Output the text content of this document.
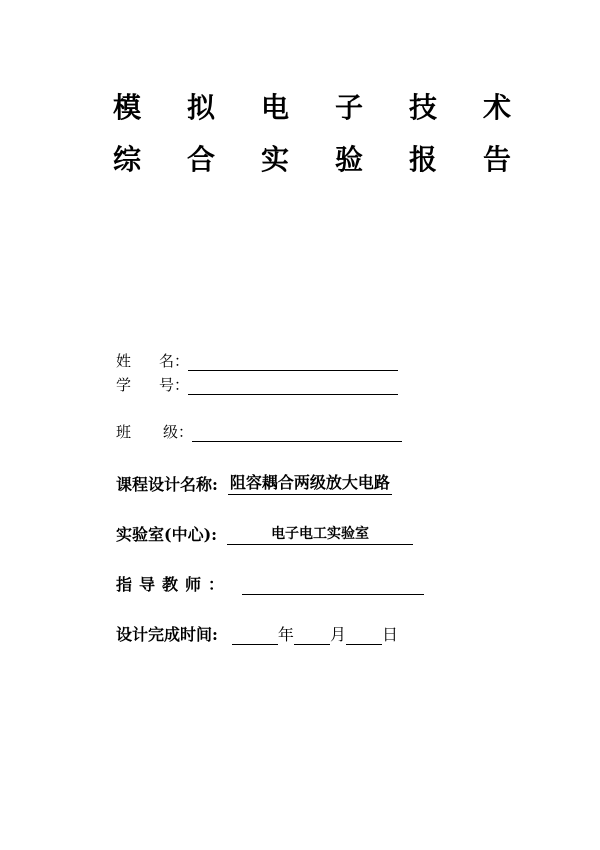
模 拟 电 子 技 术
综 合 实 验 报 告
姓 名 ：
学 号 ：
班 级 ：
课程设计名称: 阻容耦合两级放大电路
实验室(中心):	电子电工实验室
指 导 教 师 ：
设计完成时间:	年 月 日
